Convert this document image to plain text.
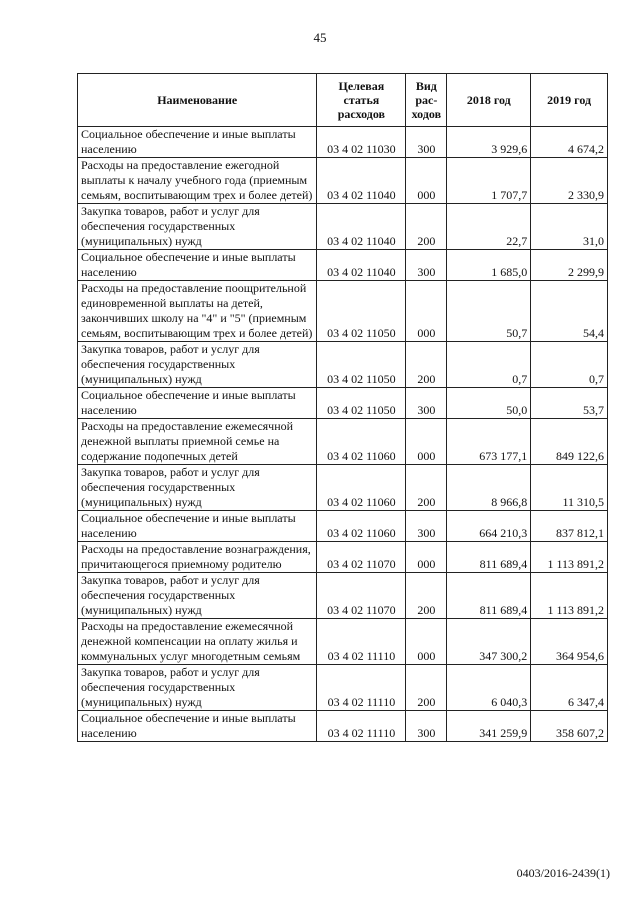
45
Наименование	Целевая статья расходов	Вид рас-ходов	2018 год	2019 год
Социальное обеспечение и иные выплаты населению	03 4 02 11030	300	3 929,6	4 674,2
Расходы на предоставление ежегодной выплаты к началу учебного года (приемным семьям, воспитывающим трех и более детей)	03 4 02 11040	000	1 707,7	2 330,9
Закупка товаров, работ и услуг для обеспечения государственных (муниципальных) нужд	03 4 02 11040	200	22,7	31,0
Социальное обеспечение и иные выплаты населению	03 4 02 11040	300	1 685,0	2 299,9
Расходы на предоставление поощрительной единовременной выплаты на детей, закончивших школу на "4" и "5" (приемным семьям, воспитывающим трех и более детей)	03 4 02 11050	000	50,7	54,4
Закупка товаров, работ и услуг для обеспечения государственных (муниципальных) нужд	03 4 02 11050	200	0,7	0,7
Социальное обеспечение и иные выплаты населению	03 4 02 11050	300	50,0	53,7
Расходы на предоставление ежемесячной денежной выплаты приемной семье на содержание подопечных детей	03 4 02 11060	000	673 177,1	849 122,6
Закупка товаров, работ и услуг для обеспечения государственных (муниципальных) нужд	03 4 02 11060	200	8 966,8	11 310,5
Социальное обеспечение и иные выплаты населению	03 4 02 11060	300	664 210,3	837 812,1
Расходы на предоставление вознаграждения, причитающегося приемному родителю	03 4 02 11070	000	811 689,4	1 113 891,2
Закупка товаров, работ и услуг для обеспечения государственных (муниципальных) нужд	03 4 02 11070	200	811 689,4	1 113 891,2
Расходы на предоставление ежемесячной денежной компенсации на оплату жилья и коммунальных услуг многодетным семьям	03 4 02 11110	000	347 300,2	364 954,6
Закупка товаров, работ и услуг для обеспечения государственных (муниципальных) нужд	03 4 02 11110	200	6 040,3	6 347,4
Социальное обеспечение и иные выплаты населению	03 4 02 11110	300	341 259,9	358 607,2
0403/2016-2439(1)
